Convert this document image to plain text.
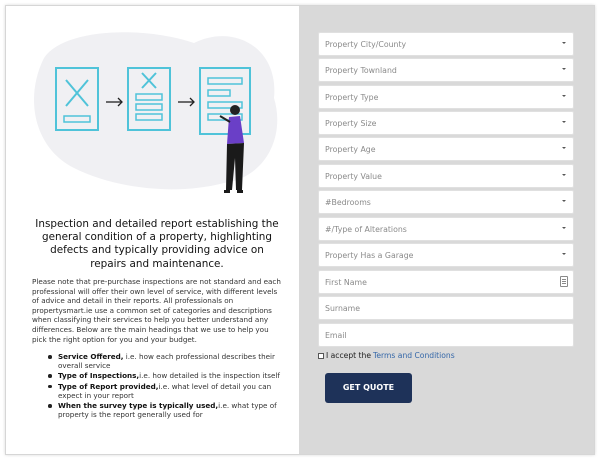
Inspection and detailed report establishing the general condition of a property, highlighting defects and typically providing advice on repairs and maintenance.
Please note that pre-purchase inspections are not standard and each professional will offer their own level of service, with different levels of advice and detail in their reports. All professionals on propertysmart.ie use a common set of categories and descriptions when classifying their services to help you better understand any differences. Below are the main headings that we use to help you pick the right option for you and your budget.
Service Offered, i.e. how each professional describes their overall service
Type of Inspections,i.e. how detailed is the inspection itself
Type of Report provided,i.e. what level of detail you can expect in your report
When the survey type is typically used,i.e. what type of property is the report generally used for
Property City/County
Property Townland
Property Type
Property Size
Property Age
Property Value
#Bedrooms
#/Type of Alterations
Property Has a Garage
First Name
Surname
Email
I accept the Terms and Conditions
GET QUOTE
